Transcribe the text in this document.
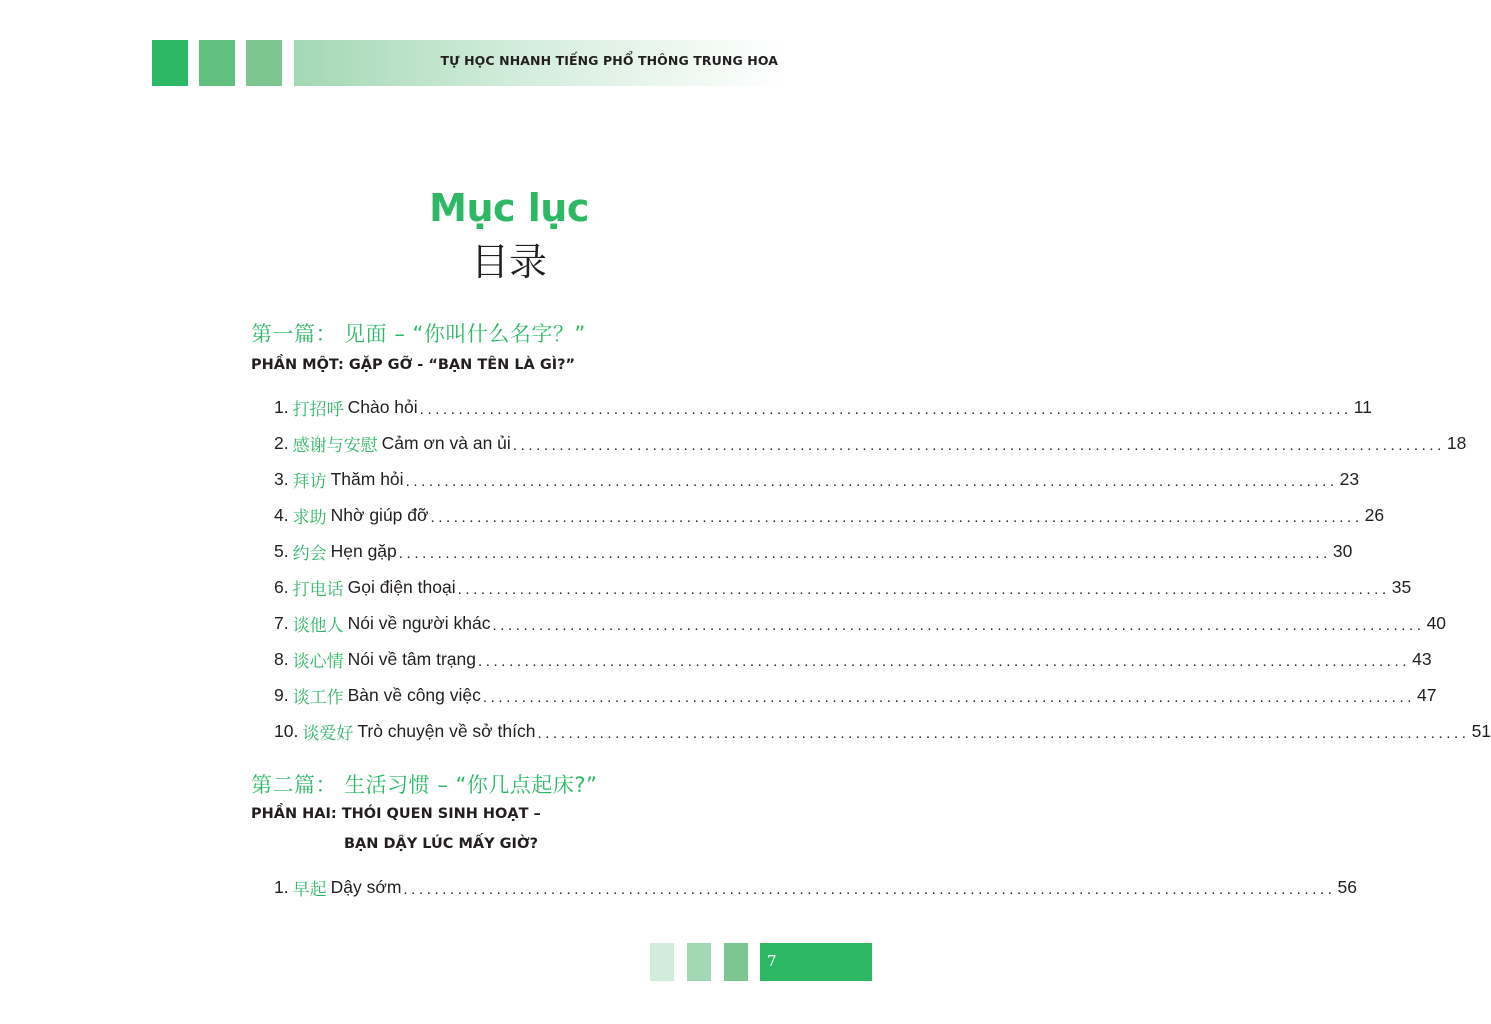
TỰ HỌC NHANH TIẾNG PHỔ THÔNG TRUNG HOA
Mục lục
目录
第一篇： 见面 – “你叫什么名字？”
PHẦN MỘT: GẶP GỠ - “BẠN TÊN LÀ GÌ?”
1. 打招呼 Chào hỏi ........................................................................................................................ 11
2. 感谢与安慰 Cảm ơn và an ủi ........................................................................................................................ 18
3. 拜访 Thăm hỏi ........................................................................................................................ 23
4. 求助 Nhờ giúp đỡ ........................................................................................................................ 26
5. 约会 Hẹn gặp ........................................................................................................................ 30
6. 打电话 Gọi điện thoại ........................................................................................................................ 35
7. 谈他人 Nói về người khác ........................................................................................................................ 40
8. 谈心情 Nói về tâm trạng ........................................................................................................................ 43
9. 谈工作 Bàn về công việc ........................................................................................................................ 47
10. 谈爱好 Trò chuyện về sở thích ........................................................................................................................ 51
第二篇： 生活习惯 – “你几点起床?”
PHẦN HAI: THÓI QUEN SINH HOẠT –
BẠN DẬY LÚC MẤY GIỜ?
1. 早起 Dậy sớm ........................................................................................................................ 56
7
